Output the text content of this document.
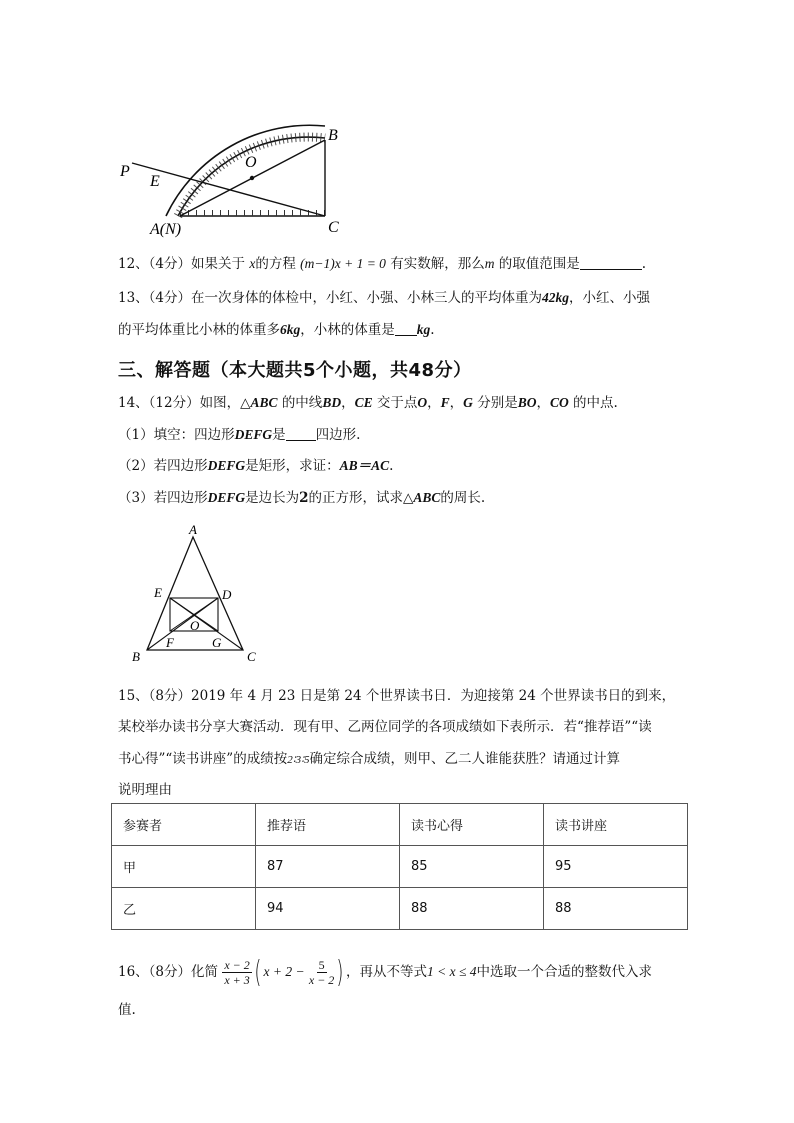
P
E
O
B
A(N)	C
12、（4分）如果关于 x的方程 (m−1)x + 1 = 0 有实数解，那么m 的取值范围是	.
13、（4分）在一次身体的体检中，小红、小强、小林三人的平均体重为42kg，小红、小强
的平均体重比小林的体重多6kg，小林的体重是 kg.
三、解答题（本大题共5个小题，共48分）
14、（12分）如图，△ABC 的中线BD，CE 交于点O，F，G 分别是BO，CO 的中点.
（1）填空：四边形DEFG是 四边形.
（2）若四边形DEFG是矩形，求证：AB＝AC.
（3）若四边形DEFG是边长为2的正方形，试求△ABC的周长.
A
E	D
O
F	G
B	C
15、（8分）2019 年 4 月 23 日是第 24 个世界读书日．为迎接第 24 个世界读书日的到来，
某校举办读书分享大赛活动．现有甲、乙两位同学的各项成绩如下表所示．若“推荐语”“读
书心得”“读书讲座”的成绩按2∶3∶5确定综合成绩，则甲、乙二人谁能获胜？请通过计算
说明理由
参赛者	推荐语	读书心得	读书讲座
甲	87	85	95
乙	94	88	88
16、（8分）化简 $\frac{x - 2}{x + 3}$ ( $x + 2 - \frac{5}{x - 2}$ ) ，再从不等式1 < x ≤ 4中选取一个合适的整数代入求
值.
